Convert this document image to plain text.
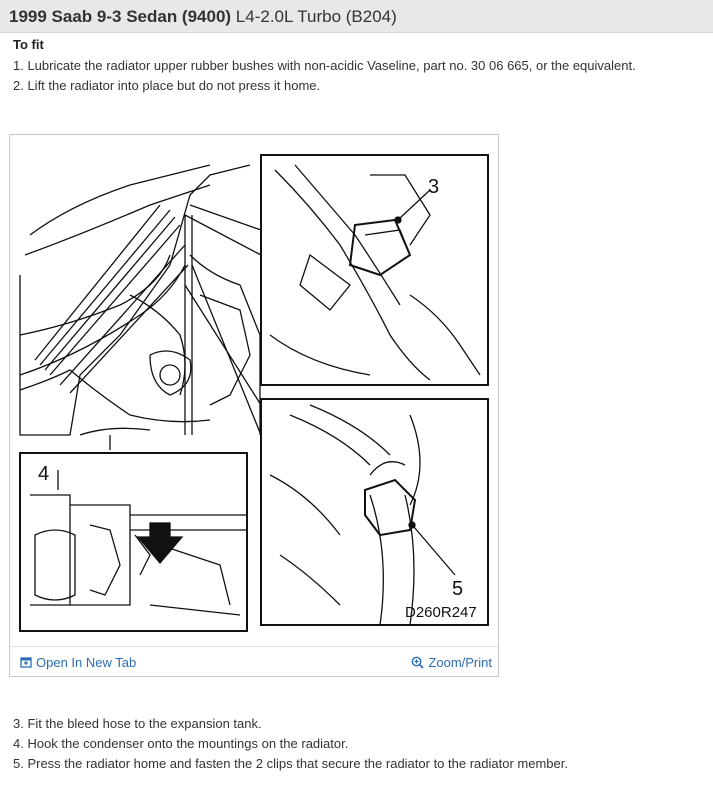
1999 Saab 9-3 Sedan (9400) L4-2.0L Turbo (B204)
To fit
1. Lubricate the radiator upper rubber bushes with non-acidic Vaseline, part no. 30 06 665, or the equivalent.
2. Lift the radiator into place but do not press it home.
3
4
5
D260R247
Open In New Tab	Zoom/Print
3. Fit the bleed hose to the expansion tank.
4. Hook the condenser onto the mountings on the radiator.
5. Press the radiator home and fasten the 2 clips that secure the radiator to the radiator member.
